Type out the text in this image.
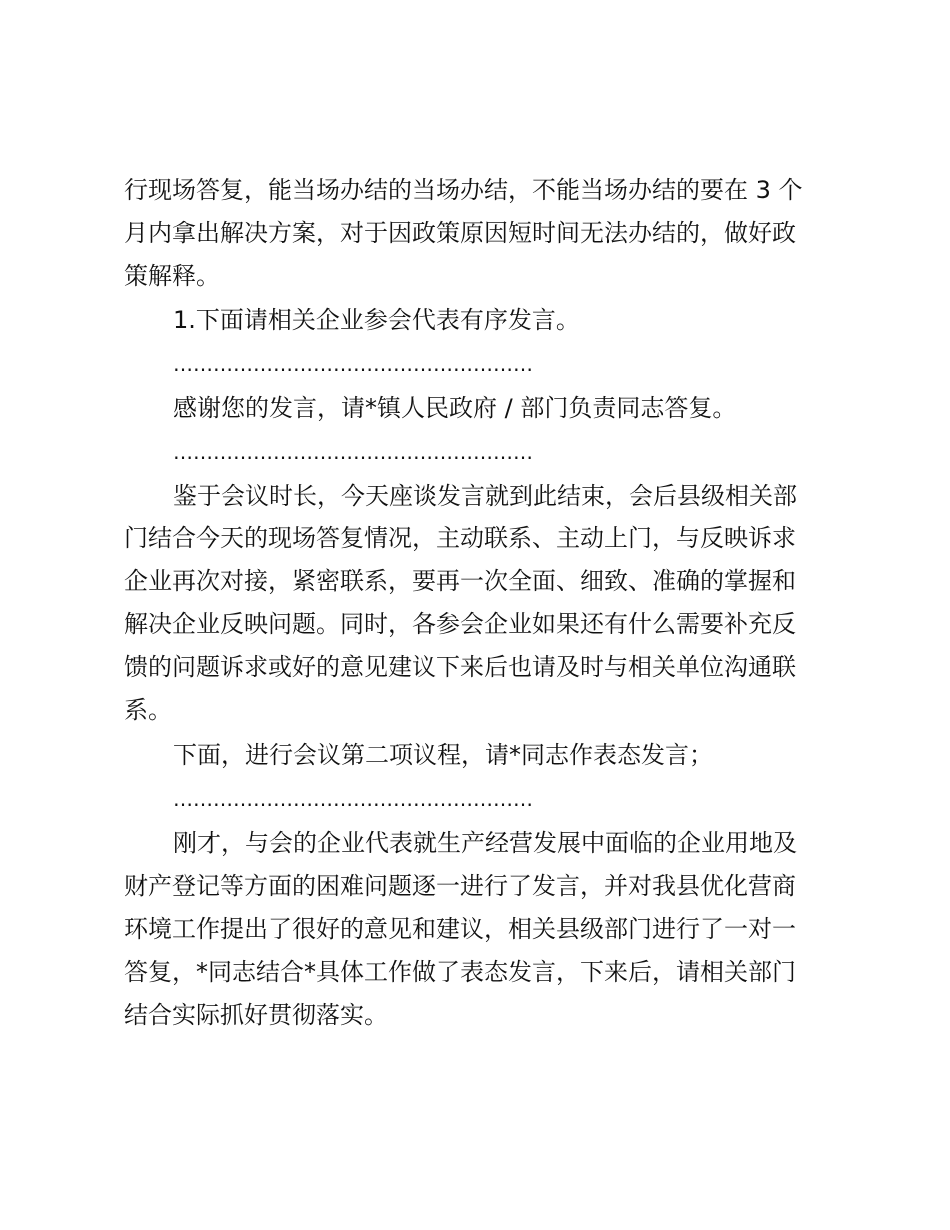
行现场答复，能当场办结的当场办结，不能当场办结的要在 3 个
月内拿出解决方案，对于因政策原因短时间无法办结的，做好政
策解释。
1.下面请相关企业参会代表有序发言。
………………………………………………
感谢您的发言，请*镇人民政府 / 部门负责同志答复。
………………………………………………
鉴于会议时长，今天座谈发言就到此结束，会后县级相关部
门结合今天的现场答复情况，主动联系、主动上门，与反映诉求
企业再次对接，紧密联系，要再一次全面、细致、准确的掌握和
解决企业反映问题。同时，各参会企业如果还有什么需要补充反
馈的问题诉求或好的意见建议下来后也请及时与相关单位沟通联
系。
下面，进行会议第二项议程，请*同志作表态发言；
………………………………………………
刚才，与会的企业代表就生产经营发展中面临的企业用地及
财产登记等方面的困难问题逐一进行了发言，并对我县优化营商
环境工作提出了很好的意见和建议，相关县级部门进行了一对一
答复，*同志结合*具体工作做了表态发言，下来后，请相关部门
结合实际抓好贯彻落实。
